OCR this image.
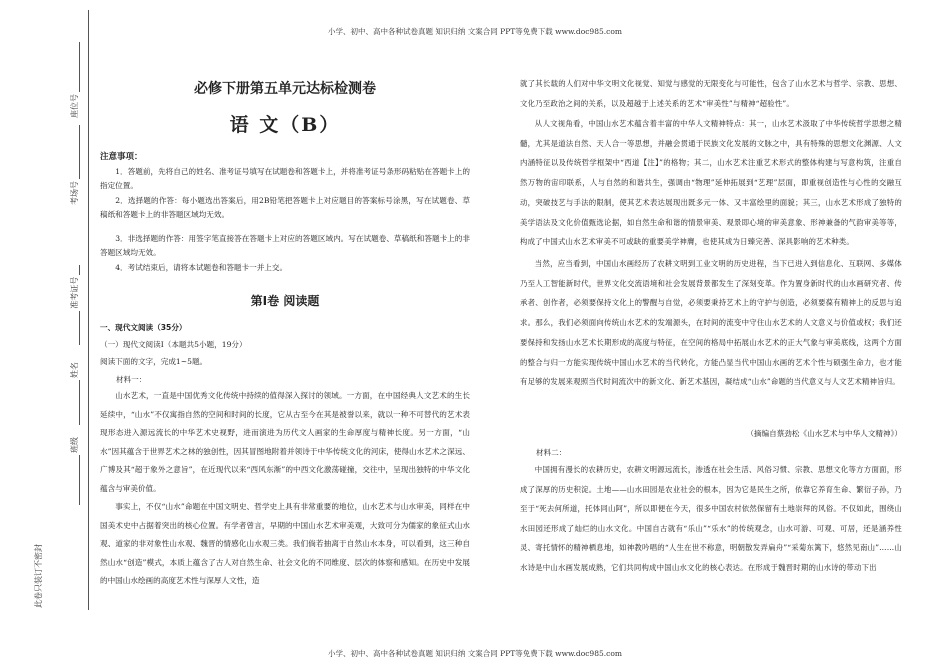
小学、初中、高中各种试卷真题 知识归纳 文案合同 PPT等免费下载 www.doc985.com
座位号
考场号
准考证号
姓名
班级
此卷只装订不密封
必修下册第五单元达标检测卷
语 文（B）
注意事项：

1．答题前，先将自己的姓名、准考证号填写在试题卷和答题卡上，并将准考证号条形码粘贴在答题卡上的指定位置。

2．选择题的作答：每小题选出答案后，用2B铅笔把答题卡上对应题目的答案标号涂黑，写在试题卷、草稿纸和答题卡上的非答题区域均无效。

3．非选择题的作答：用签字笔直接答在答题卡上对应的答题区域内。写在试题卷、草稿纸和答题卡上的非答题区域均无效。

4．考试结束后，请将本试题卷和答题卡一并上交。

第Ⅰ卷 阅读题
一、现代文阅读（35分）
（一）现代文阅读Ⅰ（本题共5小题，19分）
阅读下面的文字，完成1~5题。
材料一：

山水艺术，一直是中国优秀文化传统中持续的值得深入探讨的领域。一方面，在中国经典人文艺术的生长延续中，“山水”不仅寓指自然的空间和时间的长度，它从古至今在其是被誉以来，就以一种不可替代的艺术表现形态进入源远流长的中华艺术史视野，进而演进为历代文人画家的生命厚度与精神长度。另一方面，“山水”因其蕴含于世界艺术之林的独创性，因其冒图地附着并领诗于中华传统文化的河床，使得山水艺术之深远、广博及其“超于象外之意旨”，在近现代以来“西风东渐”的中西文化激荡碰撞，交往中，呈现出独特的中华文化蕴含与审美价值。

事实上，不仅“山水”命题在中国文明史、哲学史上具有非常重要的地位，山水艺术与山水审美，同样在中国美术史中占据着突出的核心位置。有学者曾言，早期的中国山水艺术审美观，大致可分为儒家的象征式山水观、道家的非对象性山水观、魏晋的情感化山水观三类。我们倘若抽离于自然山水本身，可以看到，这三种自然山水“创造”模式，本质上蕴含了古人对自然生命、社会文化的不同维度、层次的体察和感知。在历史中发展的中国山水绘画的高度艺术性与深厚人文性，造

就了其长载的人们对中华文明文化视觉、知觉与感觉的无限变化与可能性，包含了山水艺术与哲学、宗教、思想、文化乃至政治之间的关系，以及超越于上述关系的艺术“审美性”与精神“超验性”。

从人文视角看，中国山水艺术蕴含着丰富的中华人文精神特点：其一，山水艺术汲取了中华传统哲学思想之精髓，尤其是道法自然、天人合一等思想，并融会贯通于民族文化发展的文脉之中，具有特殊的思想文化渊源、人文内涵特征以及传统哲学框架中“西道【注】”的格物；其二，山水艺术注重艺术形式的整体构建与写意构筑，注重自然万物的宙印联系，人与自然的和谐共生，强调由“物理”延伸拓展到“艺理”层面，即重视创造性与心性的交融互动，突破技艺与手法的限制，使其艺术表达展现出既多元一体、又丰富绘里的面貌；其三，山水艺术形成了独特的美学语法及文化价值甄选论据，如自然生命和谐的情景审美、观景即心境的审美意象、形神兼备的气韵审美等等，构成了中国式山水艺术审美不可或缺的重要美学神膺，也使其成为日臻完善、深具影响的艺术种类。

当然，应当看到，中国山水画经历了农耕文明到工业文明的历史进程，当下已进入到信息化、互联网、多媒体乃至人工智能新时代，世界文化交流语境和社会发展背景都发生了深刻变革。作为置身新时代的山水画研究者、传承者、创作者，必须要保持文化上的警醒与自觉，必须要秉持艺术上的守护与创造，必须要葆有精神上的反思与追求。那么，我们必须面向传统山水艺术的发端源头，在时间的流变中守住山水艺术的人文意义与价值或权；我们还要保持和发扬山水艺术长期形成的高度与特征，在空间的格局中拓展山水艺术的正大气象与审美底线，这两个方面的整合与归一方能实现传统中国山水艺术的当代转化，方能凸显当代中国山水画的艺术个性与硕强生命力，也才能有足够的发展来观照当代时间流次中的新文化、新艺术基因，凝结成“山水”命题的当代意义与人文艺术精神旨归。

（摘编自蔡劲松《山水艺术与中华人文精神》）
材料二：

中国拥有漫长的农耕历史，农耕文明源远流长，渗透在社会生活、风俗习惯、宗教、思想文化等方方面面，形成了深厚的历史积淀。土地——山水田园是农业社会的根本，因为它是民生之所，依靠它养育生命、繁衍子孙，乃至于“死去何所道，托体同山阿”，所以即便在今天，很多中国农村依然保留有土地崇拜的风俗。不仅如此，围绕山水田园还形成了灿烂的山水文化。中国自古就有“乐山”“乐水”的传统观念，山水可游、可观、可居，还是涵养性灵、寄托情怀的精神栖息地，如神教吟唱的“人生在世不称意，明朝散发弄扁舟”“采菊东篱下，悠然见南山”……山水诗是中山水画发展成熟，它们共同构成中国山水文化的核心表达。在形成于魏晋时期的山水诗的带动下出

小学、初中、高中各种试卷真题 知识归纳 文案合同 PPT等免费下载 www.doc985.com
